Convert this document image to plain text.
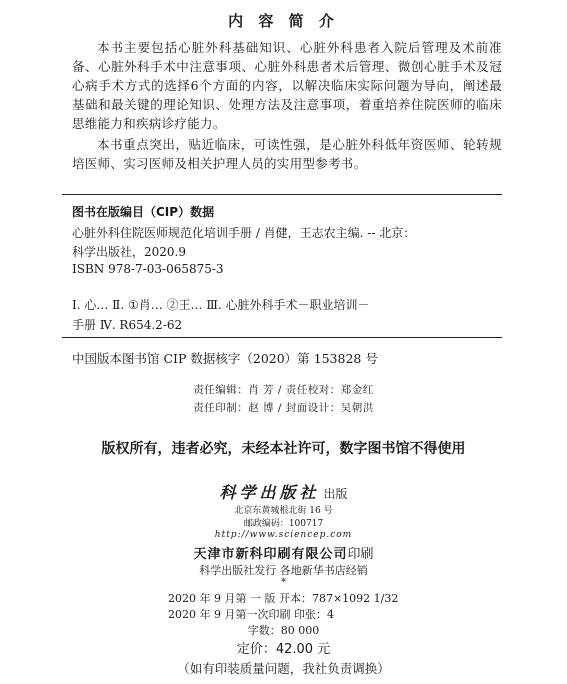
内 容 简 介

本书主要包括心脏外科基础知识、心脏外科患者入院后管理及术前准备、心脏外科手术中注意事项、心脏外科患者术后管理、微创心脏手术及冠心病手术方式的选择6个方面的内容，以解决临床实际问题为导向，阐述最基础和最关键的理论知识、处理方法及注意事项，着重培养住院医师的临床思维能力和疾病诊疗能力。

本书重点突出，贴近临床，可读性强，是心脏外科低年资医师、轮转规培医师、实习医师及相关护理人员的实用型参考书。

图书在版编目（CIP）数据
心脏外科住院医师规范化培训手册 / 肖健，王志农主编. -- 北京：
科学出版社，2020.9
ISBN 978-7-03-065875-3
Ⅰ. 心… Ⅱ. ①肖… ②王… Ⅲ. 心脏外科手术－职业培训－
手册 Ⅳ. R654.2-62
中国版本图书馆 CIP 数据核字（2020）第 153828 号
责任编辑：肖 芳 / 责任校对：郑金红
责任印制：赵 博 / 封面设计：吴朝洪
版权所有，违者必究，未经本社许可，数字图书馆不得使用
科学出版社 出版
北京东黄城根北街 16 号
邮政编码：100717
http://www.sciencep.com
天津市新科印刷有限公司印刷
科学出版社发行 各地新华书店经销
*
2020 年 9 月第 一 版 开本：787×1092 1/32
2020 年 9 月第一次印刷 印张：4
字数：80 000
定价：42.00 元
（如有印装质量问题，我社负责调换）
